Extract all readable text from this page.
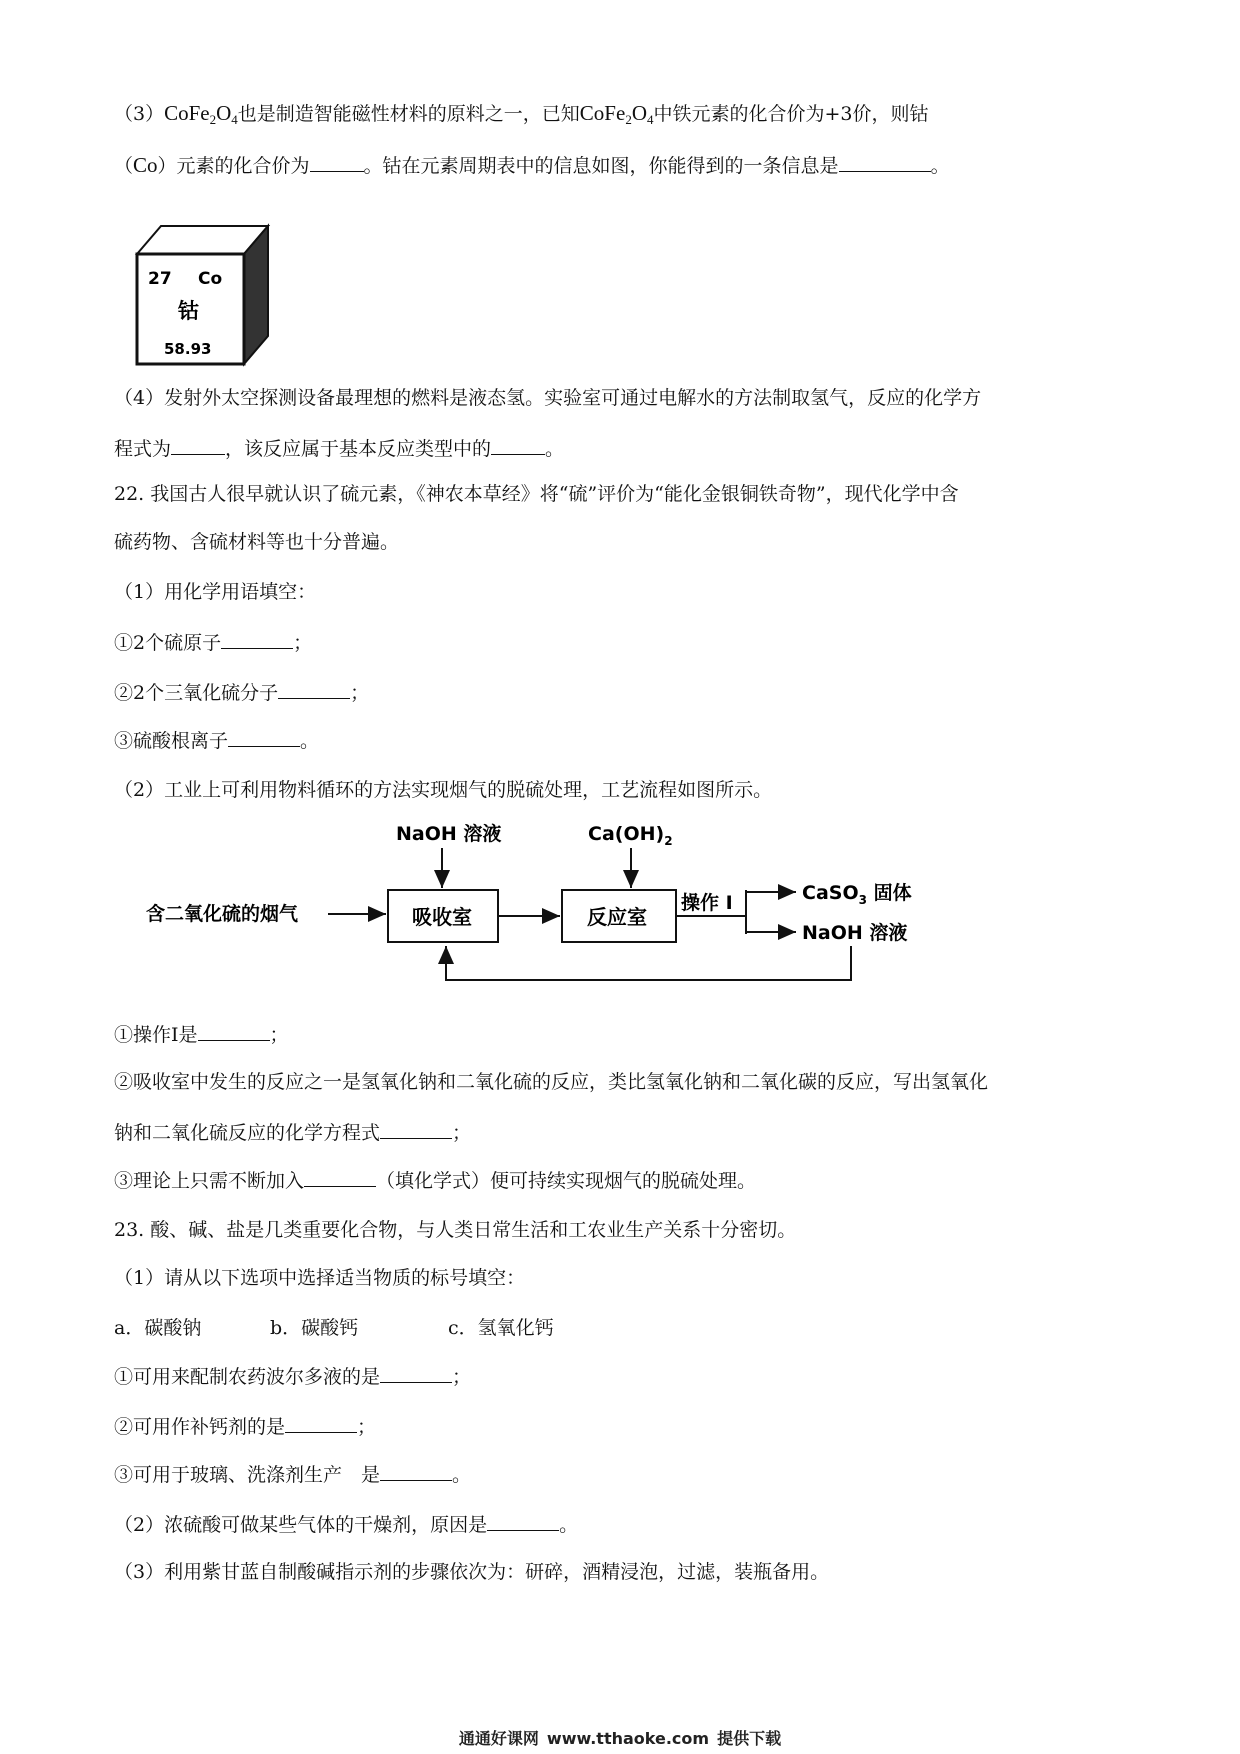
$(3)CoFe_2O_4$也是制造智能磁性材料的原料之一，已知$CoFe_2O_4$中铁元素的化合价为+3价，则钴
（Co）元素的化合价为	。钴在元素周期表中的信息如图，你能得到的一条信息是	。
27 Co
钴
58.93
（4）发射外太空探测设备最理想的燃料是液态氢。实验室可通过电解水的方法制取氢气，反应的化学方
程式为	，该反应属于基本反应类型中的	。
22. 我国古人很早就认识了硫元素，《神农本草经》将“硫”评价为“能化金银铜铁奇物”，现代化学中含
硫药物、含硫材料等也十分普遍。
（1）用化学用语填空：
①2个硫原子	；
②2个三氧化硫分子	；
③硫酸根离子	。
（2）工业上可利用物料循环的方法实现烟气的脱硫处理，工艺流程如图所示。
NaOH 溶液	$Ca(OH)_2$
含二氧化硫的烟气	吸收室	反应室
操作 I	CaSO$_3$ 固体
NaOH 溶液
①操作I是	；
②吸收室中发生的反应之一是氢氧化钠和二氧化硫的反应，类比氢氧化钠和二氧化碳的反应，写出氢氧化
钠和二氧化硫反应的化学方程式	；
③理论上只需不断加入	（填化学式）便可持续实现烟气的脱硫处理。
23. 酸、碱、盐是几类重要化合物，与人类日常生活和工农业生产关系十分密切。
（1）请从以下选项中选择适当物质的标号填空：
a．碳酸钠	b．碳酸钙	c．氢氧化钙
①可用来配制农药波尔多液的是	；
②可用作补钙剂的是	；
③可用于玻璃、洗涤剂生产　是	。
（2）浓硫酸可做某些气体的干燥剂，原因是	。
（3）利用紫甘蓝自制酸碱指示剂的步骤依次为：研碎，酒精浸泡，过滤，装瓶备用。
通通好课网 www.tthaoke.com 提供下载
